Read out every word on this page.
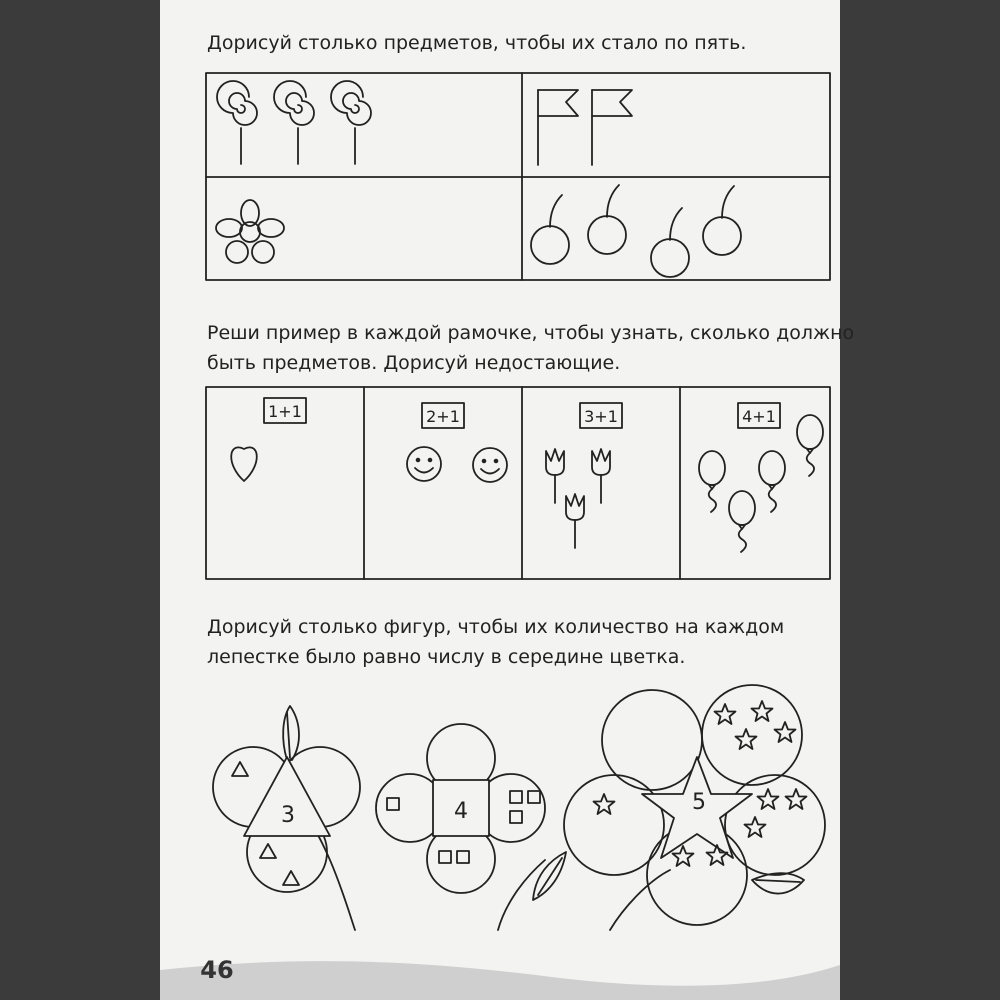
Дорисуй столько предметов, чтобы их стало по пять.

Реши пример в каждой рамочке, чтобы узнать, сколько должно

быть предметов. Дорисуй недостающие.

Дорисуй столько фигур, чтобы их количество на каждом

лепестке было равно числу в середине цветка.

1+1	2+1	3+1	4+1
3	4	5
46
